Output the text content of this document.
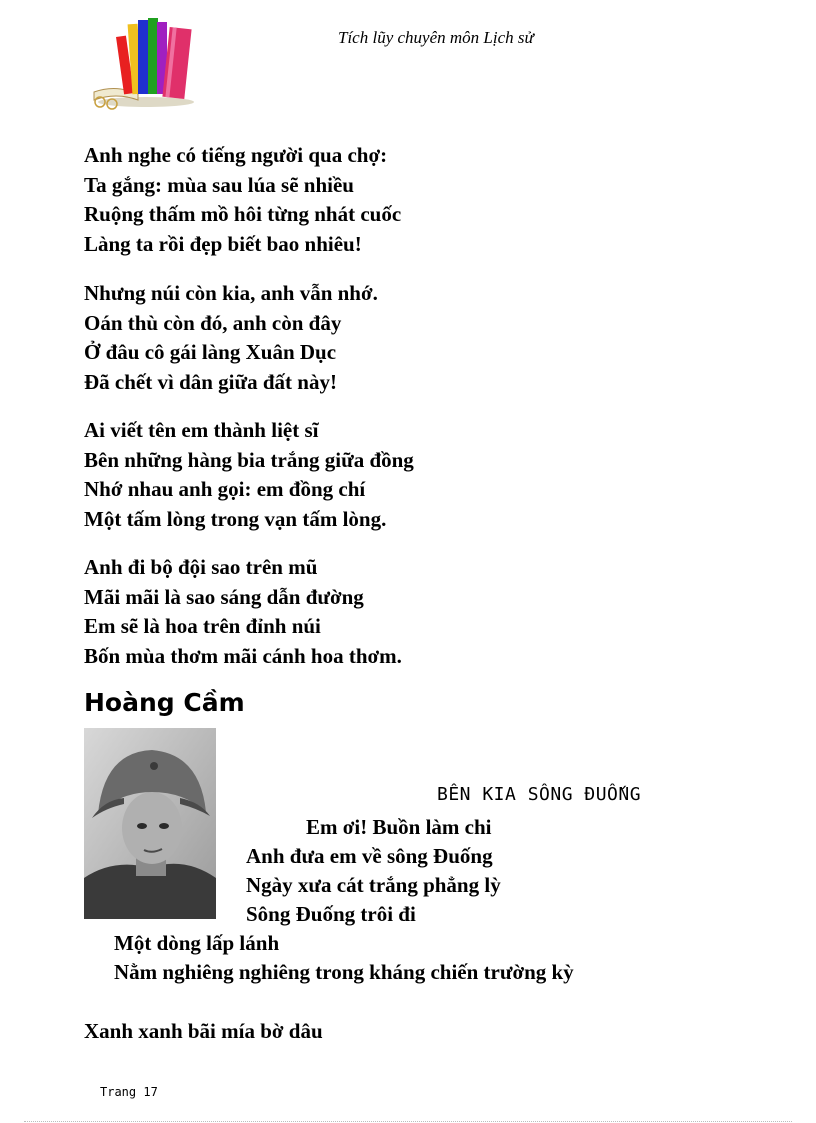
Tích lũy chuyên môn Lịch sử
Anh nghe có tiếng người qua chợ:
Ta gắng: mùa sau lúa sẽ nhiều
Ruộng thấm mồ hôi từng nhát cuốc
Làng ta rồi đẹp biết bao nhiêu!
Nhưng núi còn kia, anh vẫn nhớ.
Oán thù còn đó, anh còn đây
Ở đâu cô gái làng Xuân Dục
Đã chết vì dân giữa đất này!
Ai viết tên em thành liệt sĩ
Bên những hàng bia trắng giữa đồng
Nhớ nhau anh gọi: em đồng chí
Một tấm lòng trong vạn tấm lòng.
Anh đi bộ đội sao trên mũ
Mãi mãi là sao sáng dẫn đường
Em sẽ là hoa trên đỉnh núi
Bốn mùa thơm mãi cánh hoa thơm.
Hoàng Cầm
BÊN KIA SÔNG ĐUỐNG
Em ơi! Buồn làm chi
Anh đưa em về sông Đuống
Ngày xưa cát trắng phẳng lỳ
Sông Đuống trôi đi
Một dòng lấp lánh
Nằm nghiêng nghiêng trong kháng chiến trường kỳ
Xanh xanh bãi mía bờ dâu
Trang 17
